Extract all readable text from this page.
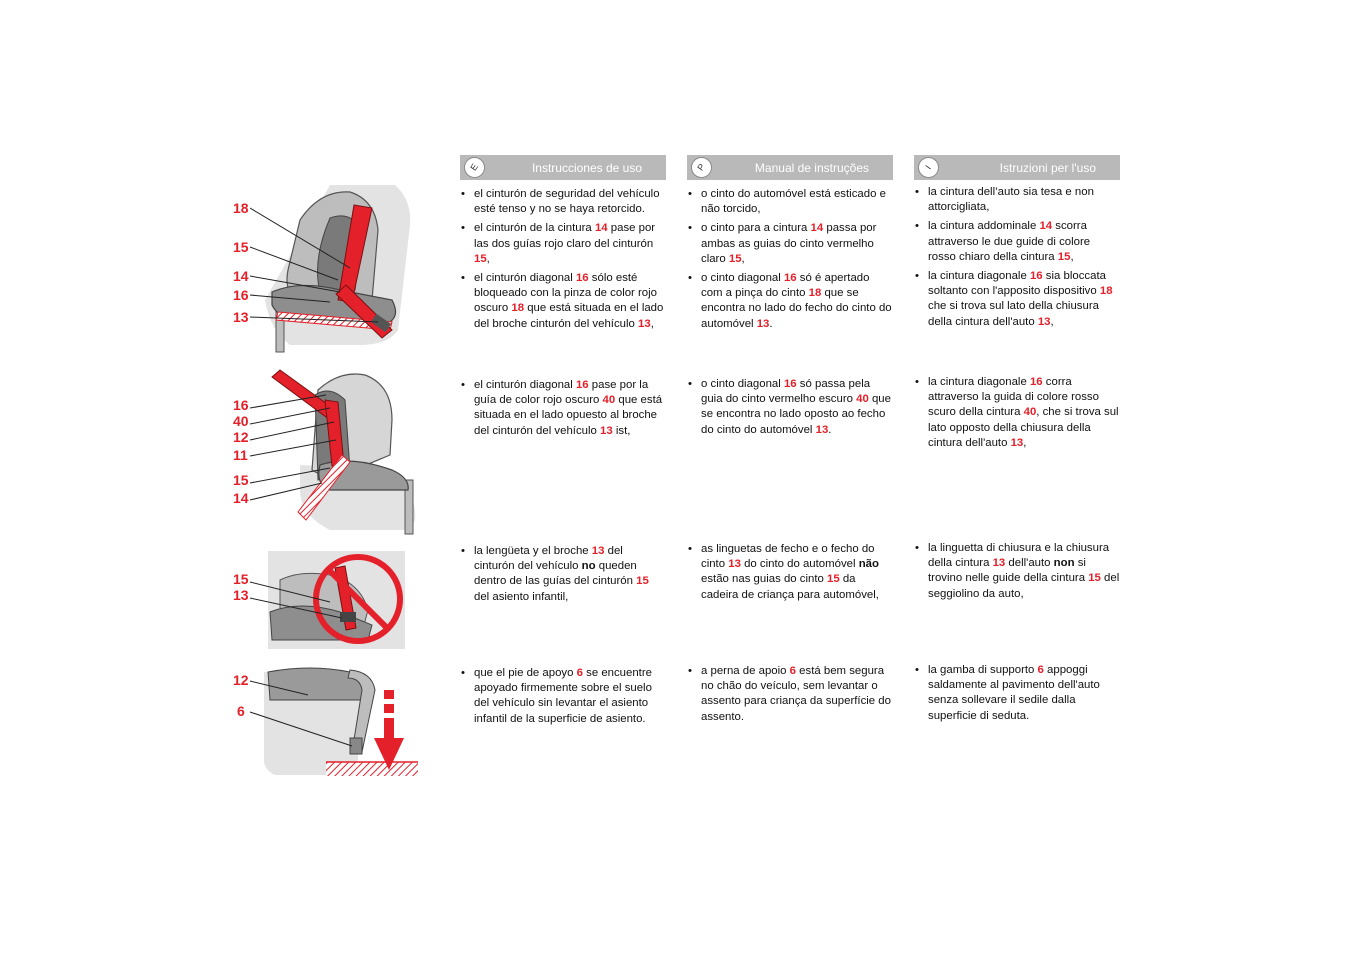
18
15
14
16
13
16
40
12
11
15
14
15
13
12
6
E	Instrucciones de uso	P	Manual de instruções	I	Istruzioni per l'uso
• el cinturón de seguridad del vehículo esté tenso y no se haya retorcido.
• el cinturón de la cintura 14 pase por las dos guías rojo claro del cinturón 15,
• el cinturón diagonal 16 sólo esté bloqueado con la pinza de color rojo oscuro 18 que está situada en el lado del broche cinturón del vehículo 13,
• el cinturón diagonal 16 pase por la guía de color rojo oscuro 40 que está situada en el lado opuesto al broche del cinturón del vehículo 13 ist,
• la lengüeta y el broche 13 del cinturón del vehículo no queden dentro de las guías del cinturón 15 del asiento infantil,
• que el pie de apoyo 6 se encuentre apoyado firmemente sobre el suelo del vehículo sin levantar el asiento infantil de la superficie de asiento.
• o cinto do automóvel está esticado e não torcido,
• o cinto para a cintura 14 passa por ambas as guias do cinto vermelho claro 15,
• o cinto diagonal 16 só é apertado com a pinça do cinto 18 que se encontra no lado do fecho do cinto do automóvel 13.
• o cinto diagonal 16 só passa pela guia do cinto vermelho escuro 40 que se encontra no lado oposto ao fecho do cinto do automóvel 13.
• as linguetas de fecho e o fecho do cinto 13 do cinto do automóvel não estão nas guias do cinto 15 da cadeira de criança para automóvel,
• a perna de apoio 6 está bem segura no chão do veículo, sem levantar o assento para criança da superfície do assento.
• la cintura dell’auto sia tesa e non attorcigliata,
• la cintura addominale 14 scorra attraverso le due guide di colore rosso chiaro della cintura 15,
• la cintura diagonale 16 sia bloccata soltanto con l'apposito dispositivo 18 che si trova sul lato della chiusura della cintura dell'auto 13,
• la cintura diagonale 16 corra attraverso la guida di colore rosso scuro della cintura 40, che si trova sul lato opposto della chiusura della cintura dell'auto 13,
• la linguetta di chiusura e la chiusura della cintura 13 dell'auto non si trovino nelle guide della cintura 15 del seggiolino da auto,
• la gamba di supporto 6 appoggi saldamente al pavimento dell'auto senza sollevare il sedile dalla superficie di seduta.
